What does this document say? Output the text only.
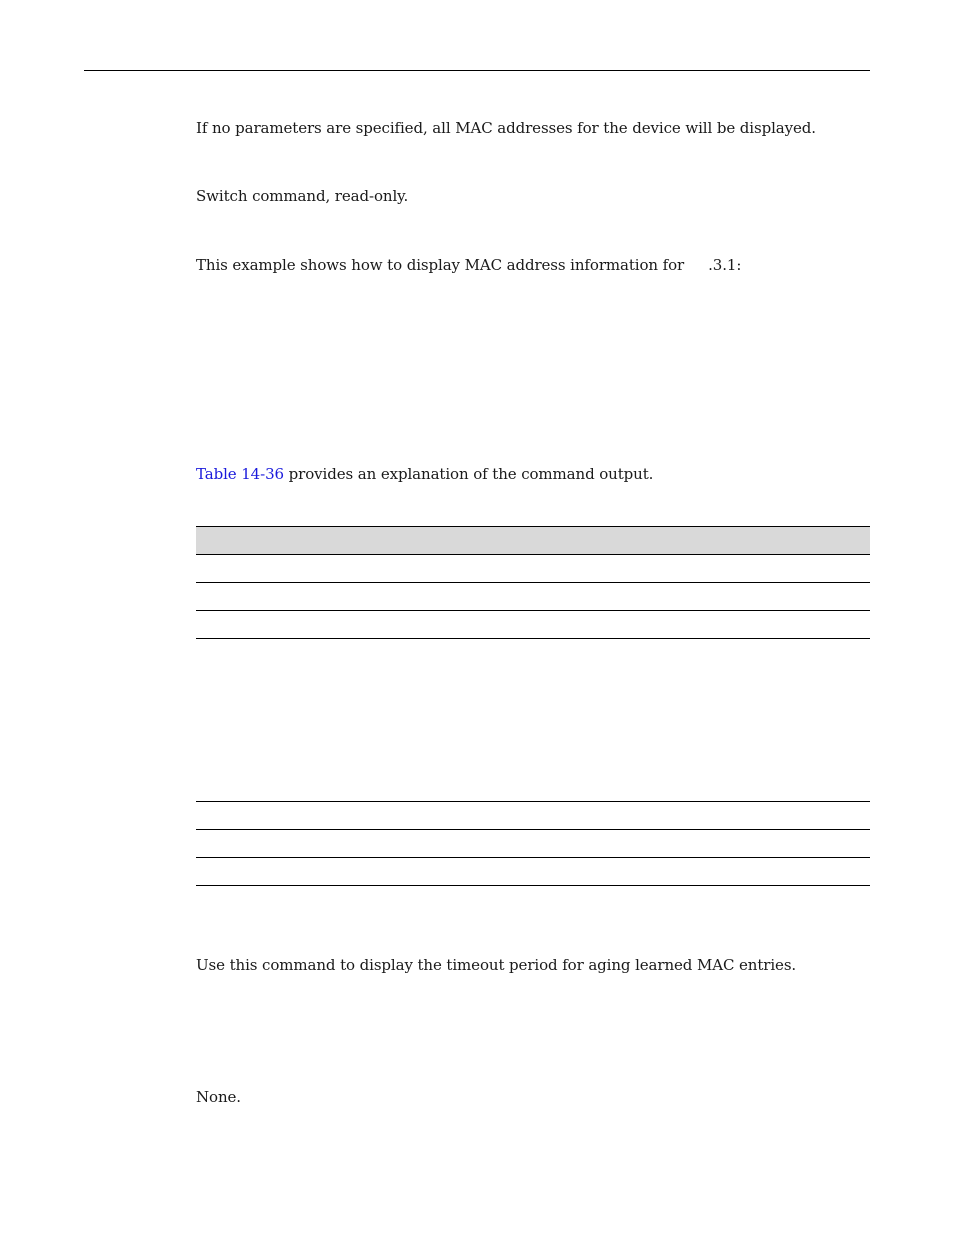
If no parameters are specified, all MAC addresses for the device will be displayed.
Switch command, read-only.
This example shows how to display MAC address information for .3.1:
Table 14-36 provides an explanation of the command output.
Use this command to display the timeout period for aging learned MAC entries.
None.
